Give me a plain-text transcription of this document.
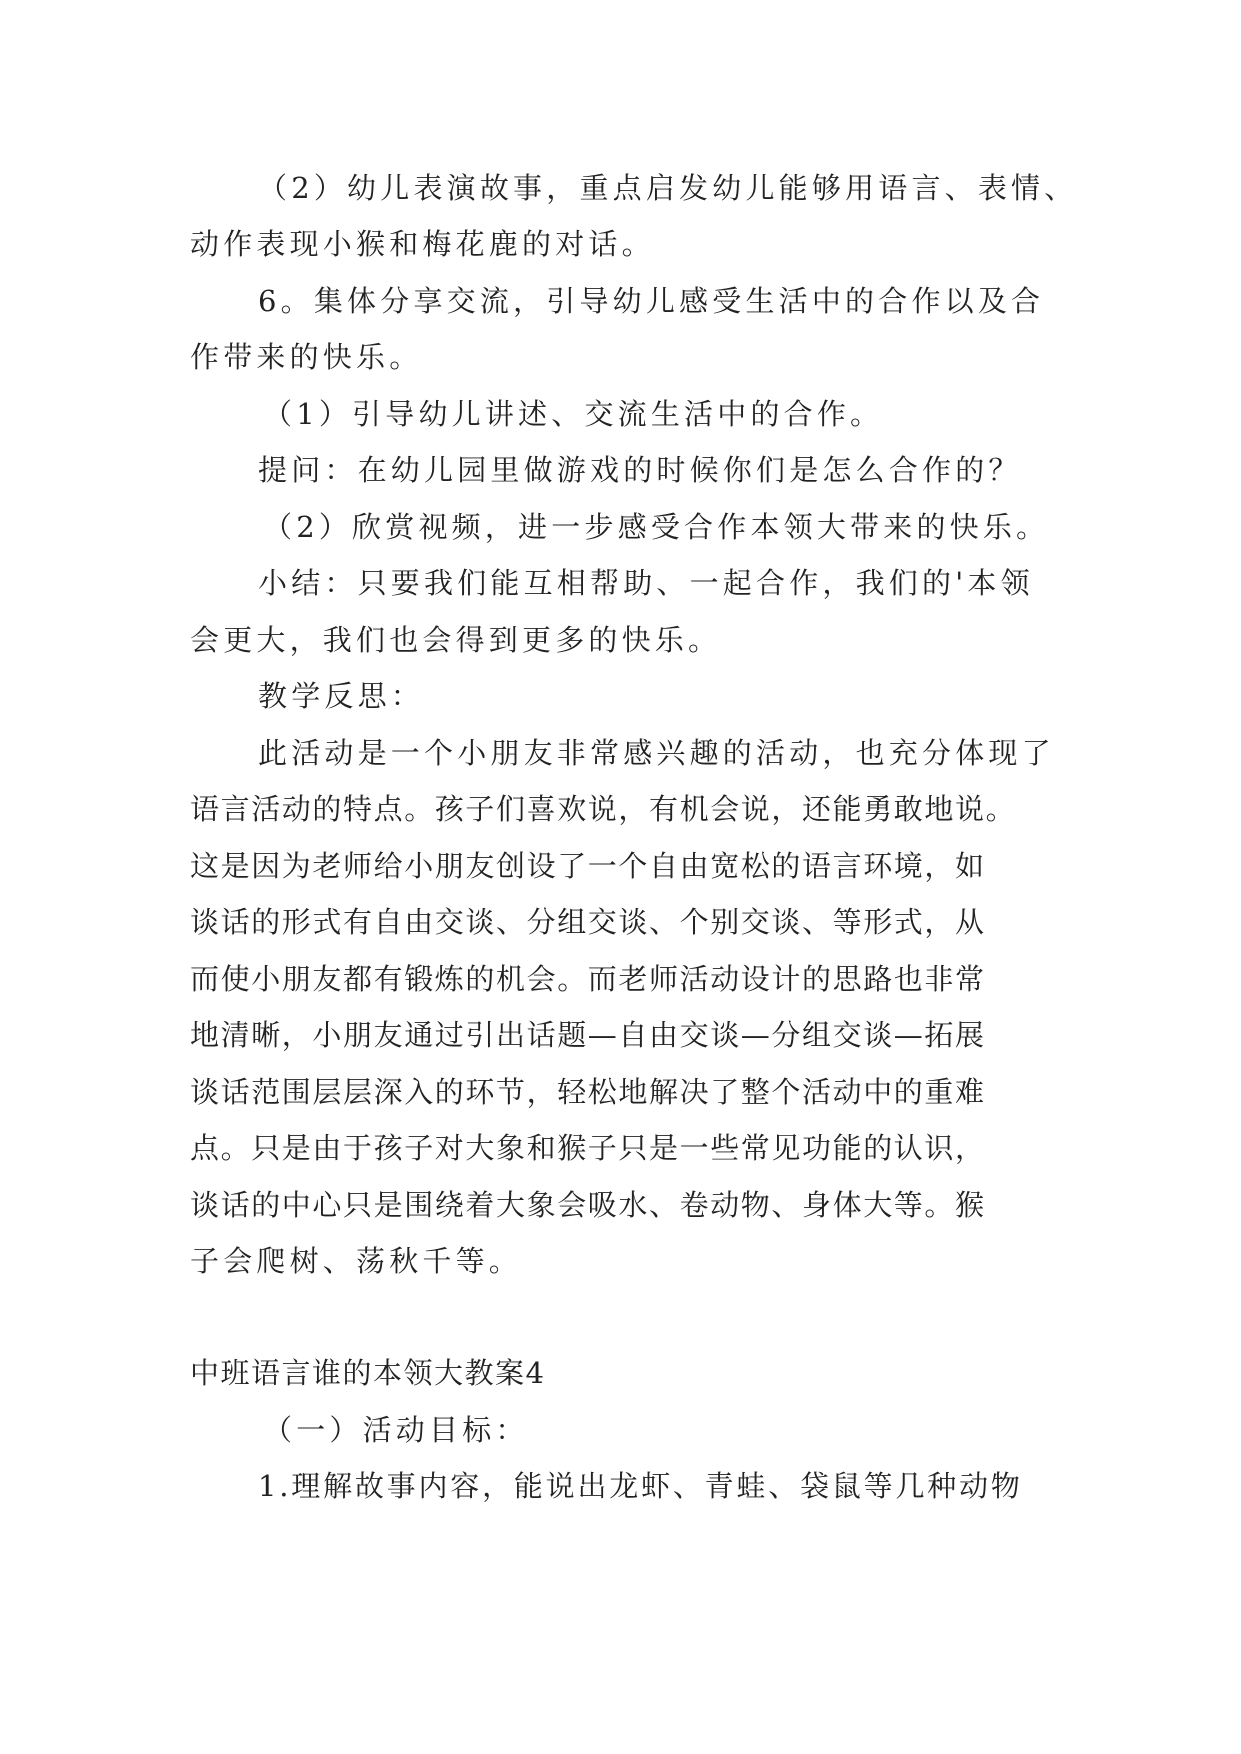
（2）幼儿表演故事，重点启发幼儿能够用语言、表情、
动作表现小猴和梅花鹿的对话。
6。集体分享交流，引导幼儿感受生活中的合作以及合
作带来的快乐。
（1）引导幼儿讲述、交流生活中的合作。
提问：在幼儿园里做游戏的时候你们是怎么合作的？
（2）欣赏视频，进一步感受合作本领大带来的快乐。
小结：只要我们能互相帮助、一起合作，我们的'本领
会更大，我们也会得到更多的快乐。
教学反思：
此活动是一个小朋友非常感兴趣的活动，也充分体现了
语言活动的特点。孩子们喜欢说，有机会说，还能勇敢地说。
这是因为老师给小朋友创设了一个自由宽松的语言环境，如
谈话的形式有自由交谈、分组交谈、个别交谈、等形式，从
而使小朋友都有锻炼的机会。而老师活动设计的思路也非常
地清晰，小朋友通过引出话题—自由交谈—分组交谈—拓展
谈话范围层层深入的环节，轻松地解决了整个活动中的重难
点。只是由于孩子对大象和猴子只是一些常见功能的认识，
谈话的中心只是围绕着大象会吸水、卷动物、身体大等。猴
子会爬树、荡秋千等。
中班语言谁的本领大教案4
（一）活动目标：
1.理解故事内容，能说出龙虾、青蛙、袋鼠等几种动物
